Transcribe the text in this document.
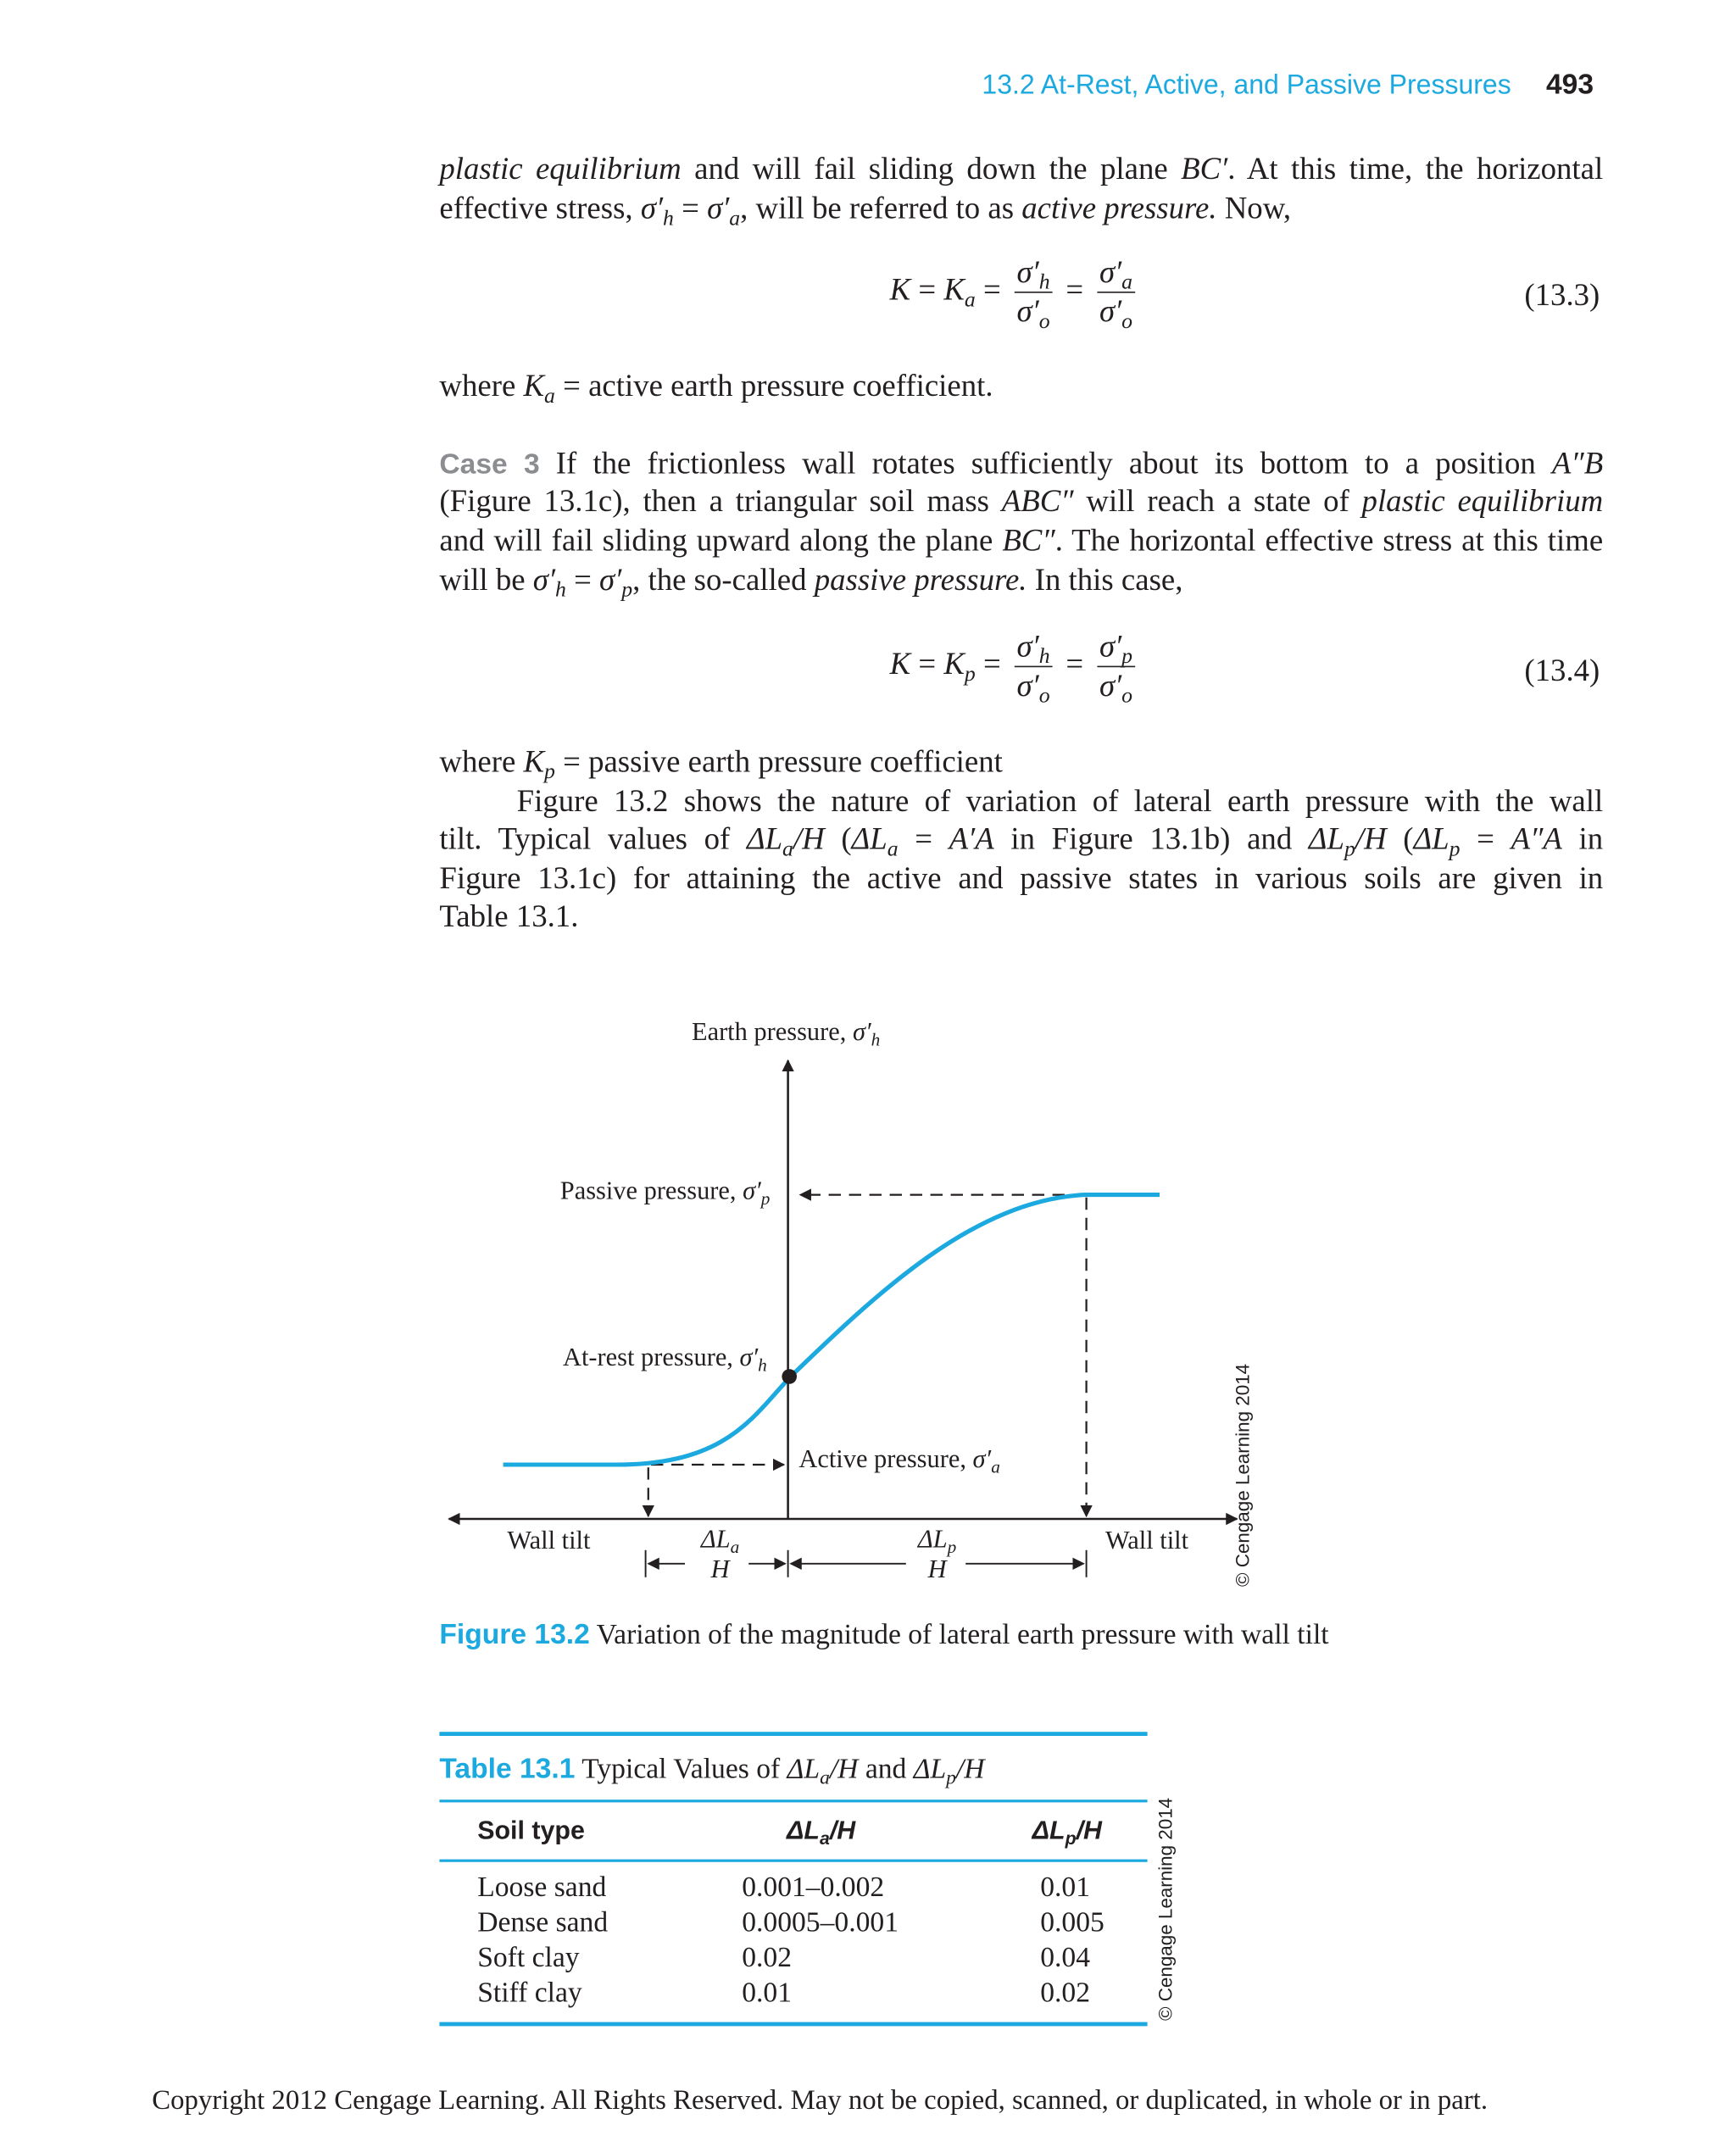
13.2 At-Rest, Active, and Passive Pressures 493
plastic equilibrium and will fail sliding down the plane BC′. At this time, the horizontal
effective stress, $\sigma'_h = \sigma'_a$, will be referred to as active pressure. Now,
$K = K_a = \frac{\sigma'_h}{\sigma'_o} = \frac{\sigma'_a}{\sigma'_o}$	(13.3)
where $K_a$ = active earth pressure coefficient.
Case 3 If the frictionless wall rotates sufficiently about its bottom to a position A″B
(Figure 13.1c), then a triangular soil mass ABC″ will reach a state of plastic equilibrium
and will fail sliding upward along the plane BC″. The horizontal effective stress at this time
will be $\sigma'_h = \sigma'_p$, the so-called passive pressure. In this case,
$K = K_p = \frac{\sigma'_h}{\sigma'_o} = \frac{\sigma'_p}{\sigma'_o}$	(13.4)
where $K_p$ = passive earth pressure coefficient
Figure 13.2 shows the nature of variation of lateral earth pressure with the wall
tilt. Typical values of $\Delta L_a/H$ ($\Delta L_a = A'A$ in Figure 13.1b) and $\Delta L_p/H$ ($\Delta L_p = A''A$ in
Figure 13.1c) for attaining the active and passive states in various soils are given in
Table 13.1.
Earth pressure, $\sigma'_h$
Passive pressure, $\sigma'_p$
At-rest pressure, $\sigma'_h$
Active pressure, $\sigma'_a$
Wall tilt	Wall tilt
$\Delta L_a$
H
$\Delta L_p$
H	© Cengage Learning 2014
Figure 13.2 Variation of the magnitude of lateral earth pressure with wall tilt
Table 13.1 Typical Values of $\Delta L_a/H$ and $\Delta L_p/H$
Soil type	$\Delta L_a/H$	$\Delta L_p/H$
Loose sand	0.001–0.002	0.01
Dense sand	0.0005–0.001	0.005
Soft clay	0.02	0.04
Stiff clay	0.01	0.02	© Cengage Learning 2014
Copyright 2012 Cengage Learning. All Rights Reserved. May not be copied, scanned, or duplicated, in whole or in part.
